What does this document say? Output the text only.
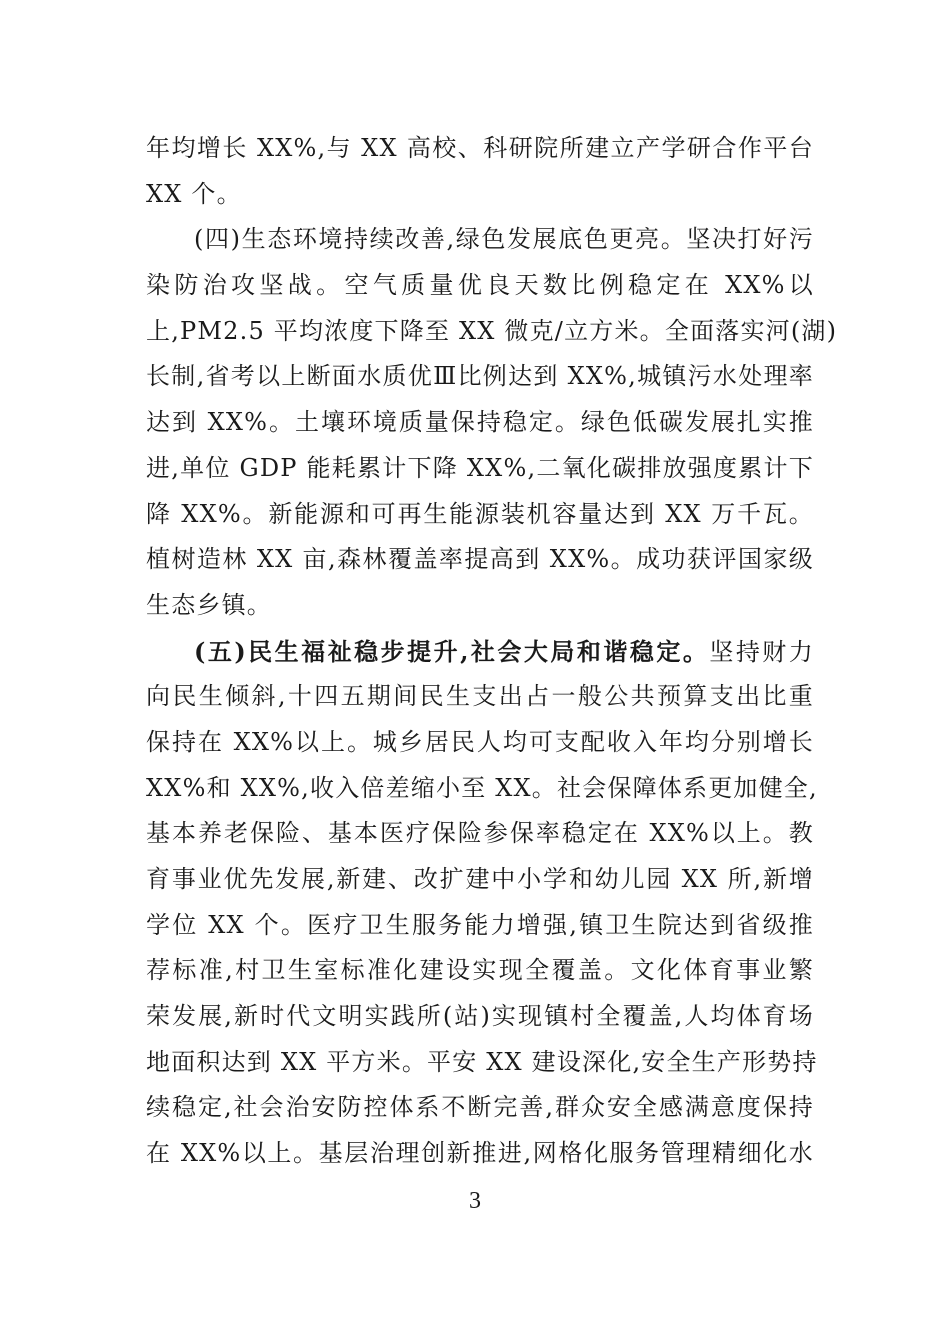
年均增长 XX%,与 XX 高校、科研院所建立产学研合作平台
XX 个。
(四)生态环境持续改善,绿色发展底色更亮。坚决打好污
染防治攻坚战。空气质量优良天数比例稳定在 XX%以
上,PM2.5 平均浓度下降至 XX 微克/立方米。全面落实河(湖)
长制,省考以上断面水质优Ⅲ比例达到 XX%,城镇污水处理率
达到 XX%。土壤环境质量保持稳定。绿色低碳发展扎实推
进,单位 GDP 能耗累计下降 XX%,二氧化碳排放强度累计下
降 XX%。新能源和可再生能源装机容量达到 XX 万千瓦。
植树造林 XX 亩,森林覆盖率提高到 XX%。成功获评国家级
生态乡镇。
(五)民生福祉稳步提升,社会大局和谐稳定。坚持财力
向民生倾斜,十四五期间民生支出占一般公共预算支出比重
保持在 XX%以上。城乡居民人均可支配收入年均分别增长
XX%和 XX%,收入倍差缩小至 XX。社会保障体系更加健全,
基本养老保险、基本医疗保险参保率稳定在 XX%以上。教
育事业优先发展,新建、改扩建中小学和幼儿园 XX 所,新增
学位 XX 个。医疗卫生服务能力增强,镇卫生院达到省级推
荐标准,村卫生室标准化建设实现全覆盖。文化体育事业繁
荣发展,新时代文明实践所(站)实现镇村全覆盖,人均体育场
地面积达到 XX 平方米。平安 XX 建设深化,安全生产形势持
续稳定,社会治安防控体系不断完善,群众安全感满意度保持
在 XX%以上。基层治理创新推进,网格化服务管理精细化水
3
